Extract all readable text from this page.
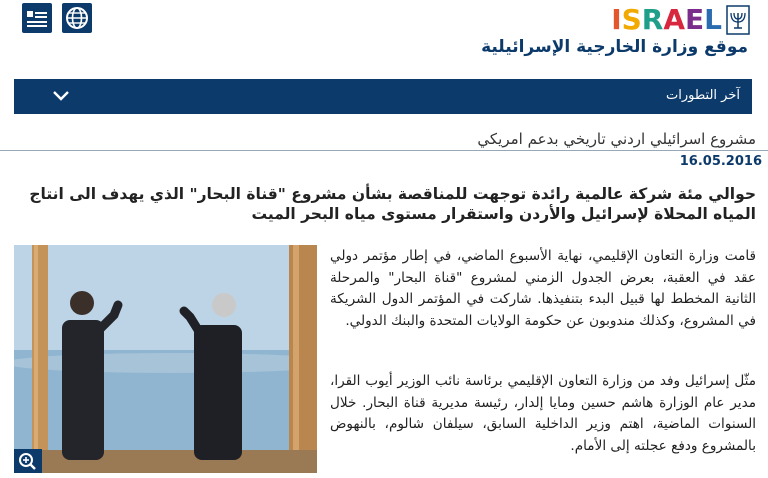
I S R A E L
موقع وزارة الخارجية الإسرائيلية
آخر التطورات
مشروع اسرائيلي اردني تاريخي بدعم امريكي
16.05.2016
حوالي مئة شركة عالمية رائدة توجهت للمناقصة بشأن مشروع "قناة البحار" الذي يهدف الى انتاج المياه المحلاة لإسرائيل والأردن واستقرار مستوى مياه البحر الميت
قامت وزارة التعاون الإقليمي، نهاية الأسبوع الماضي، في إطار مؤتمر دولي عقد في العقبة، بعرض الجدول الزمني لمشروع "قناة البحار" والمرحلة الثانية المخطط لها قبيل البدء بتنفيذها. شاركت في المؤتمر الدول الشريكة في المشروع، وكذلك مندوبون عن حكومة الولايات المتحدة والبنك الدولي.
مثّل إسرائيل وفد من وزارة التعاون الإقليمي برئاسة نائب الوزير أيوب القرا، مدير عام الوزارة هاشم حسين ومايا إلدار، رئيسة مديرية قناة البحار. خلال السنوات الماضية، اهتم وزير الداخلية السابق، سيلفان شالوم، بالنهوض بالمشروع ودفع عجلته إلى الأمام.
